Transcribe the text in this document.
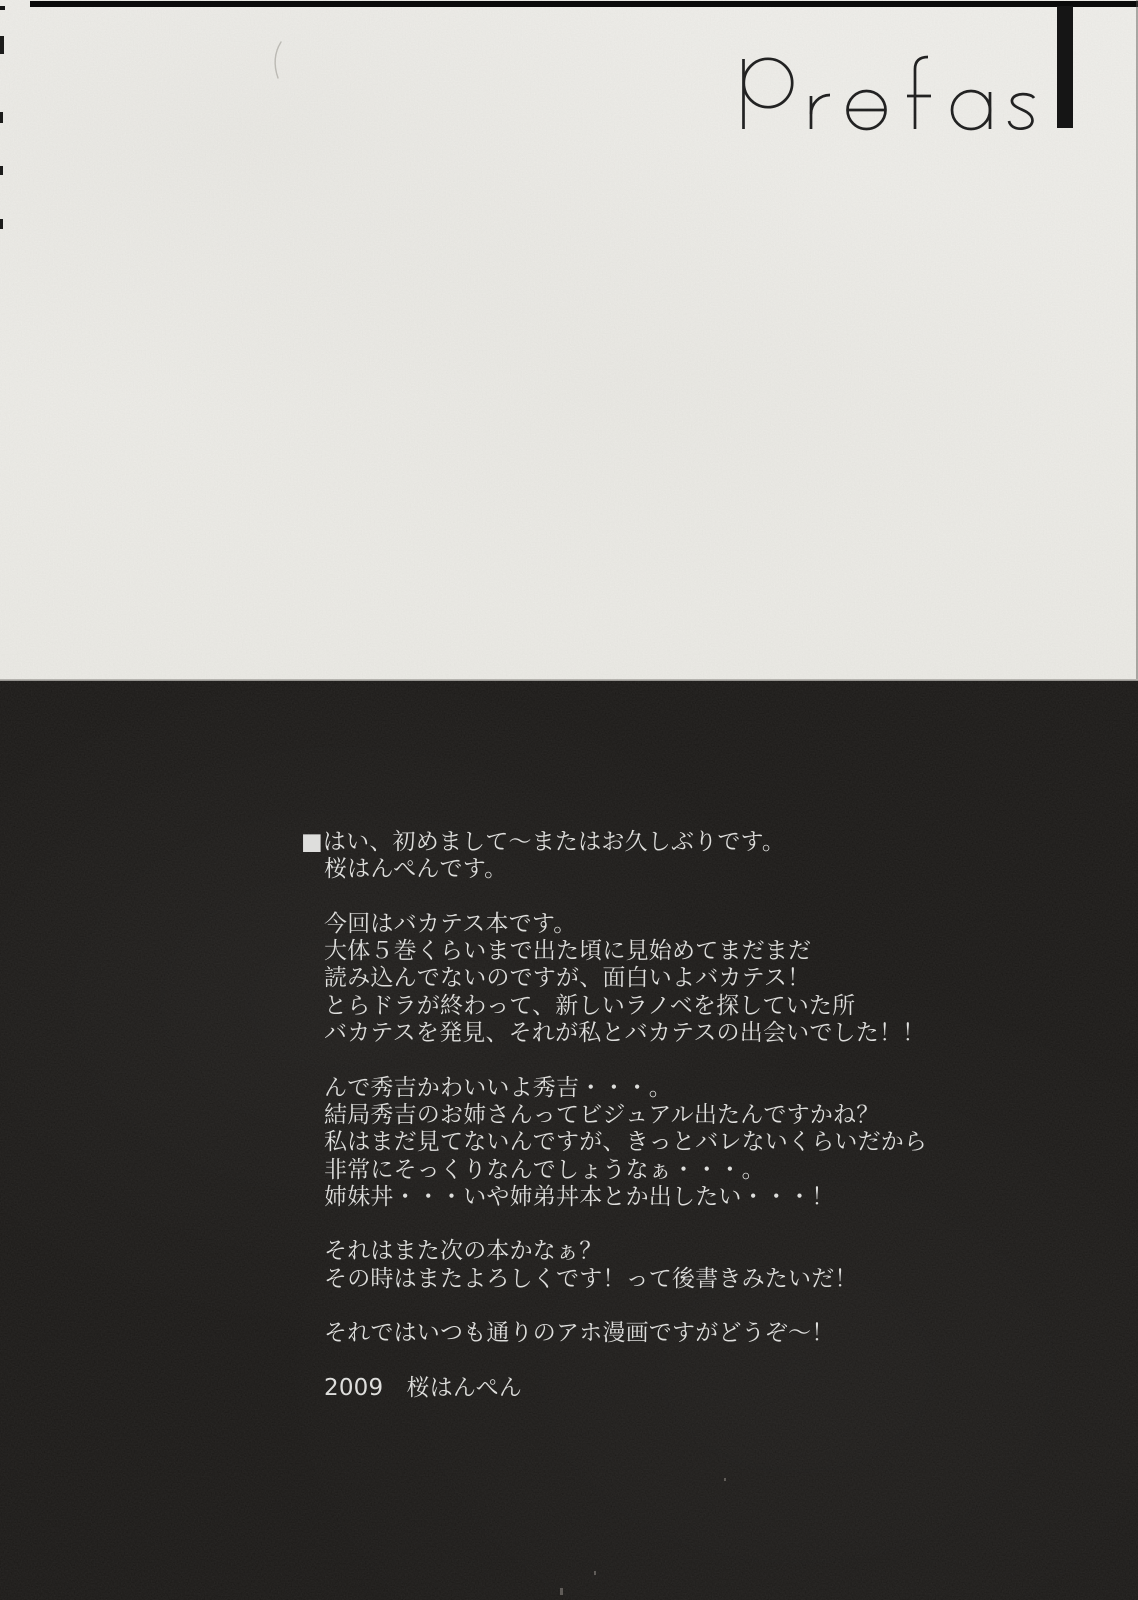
■はい、初めまして～またはお久しぶりです。
桜はんぺんです。
今回はバカテス本です。
大体５巻くらいまで出た頃に見始めてまだまだ
読み込んでないのですが、面白いよバカテス！
とらドラが終わって、新しいラノベを探していた所
バカテスを発見、それが私とバカテスの出会いでした！！
んで秀吉かわいいよ秀吉・・・。
結局秀吉のお姉さんってビジュアル出たんですかね？
私はまだ見てないんですが、きっとバレないくらいだから
非常にそっくりなんでしょうなぁ・・・。
姉妹丼・・・いや姉弟丼本とか出したい・・・！
それはまた次の本かなぁ？
その時はまたよろしくです！って後書きみたいだ！
それではいつも通りのアホ漫画ですがどうぞ～！
2009　桜はんぺん
